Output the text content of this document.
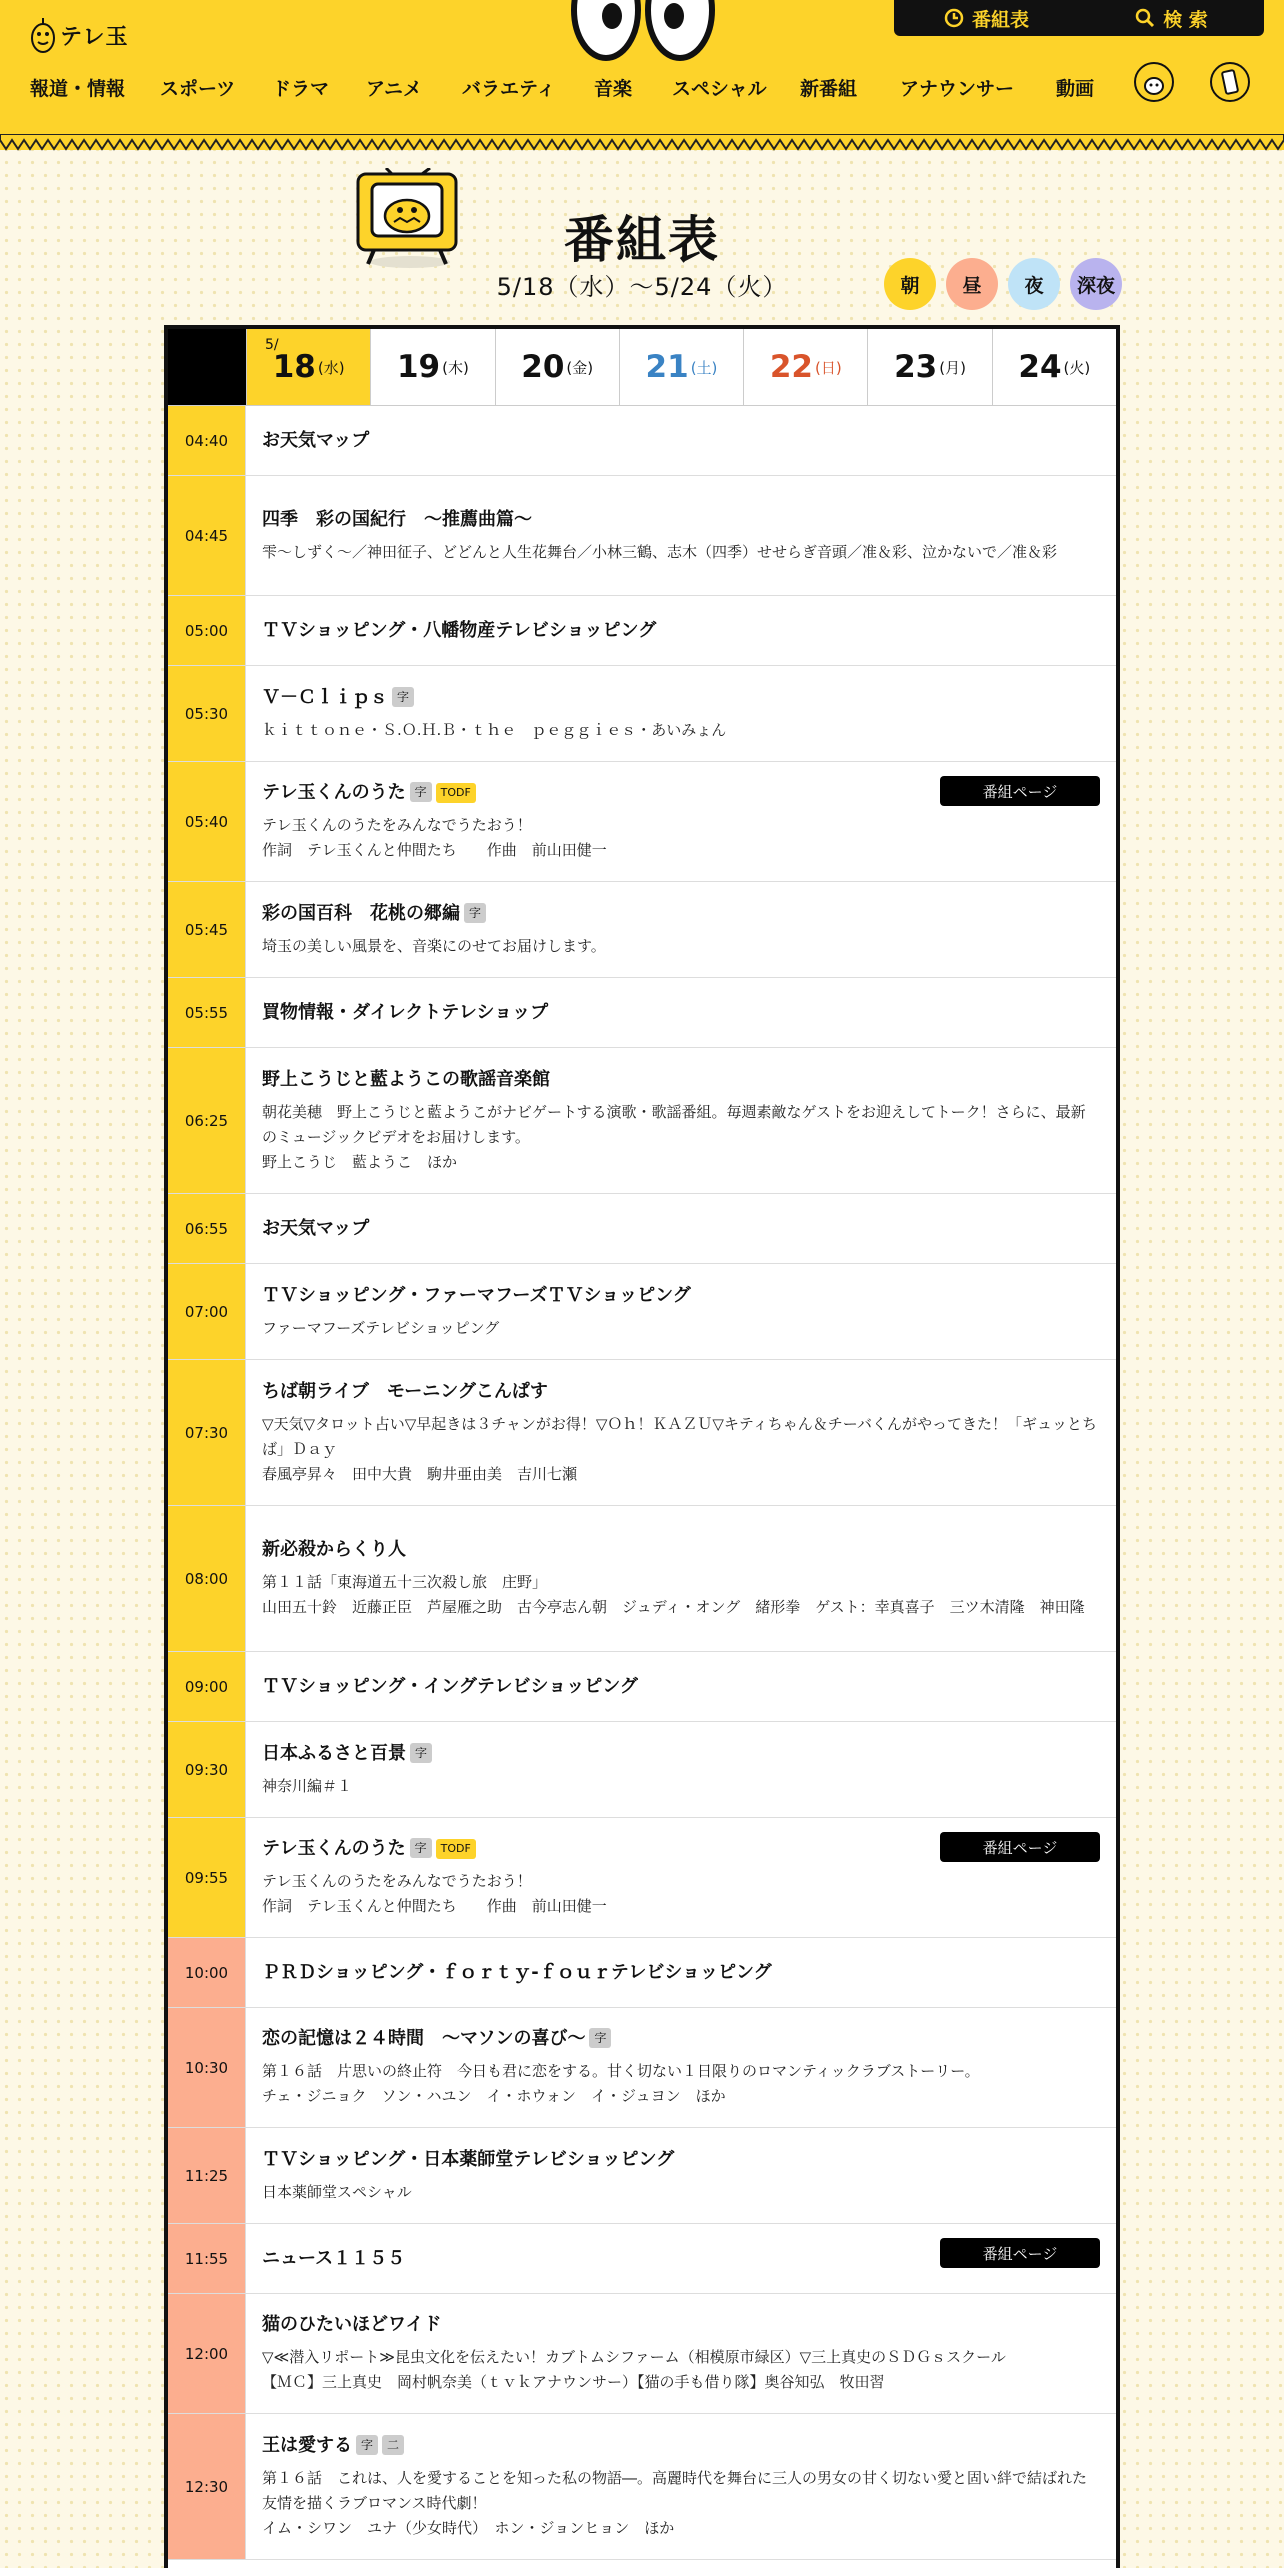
テレ玉
番組表	検 索
報道・情報 スポーツ ドラマ アニメ バラエティ 音楽 スペシャル 新番組 アナウンサー 動画
番組表
5/18（水）〜5/24（火）	朝 昼 夜 深夜
5/
18 (水) 19 (木) 20 (金) 21 (土) 22 (日) 23 (月) 24 (火)
04:40	お天気マップ
04:45
四季　彩の国紀行　～推薦曲篇～
雫～しずく～／神田征子、どどんと人生花舞台／小林三鶴、志木（四季）せせらぎ音頭／准＆彩、泣かないで／准＆彩
05:00	ＴＶショッピング・八幡物産テレビショッピング
05:30
Ｖ－Ｃｌｉｐｓ 字
ｋｉｔｔｏｎｅ・Ｓ.Ｏ.Ｈ.Ｂ・ｔｈｅ　ｐｅｇｇｉｅｓ・あいみょん
05:40
テレ玉くんのうた 字 TODF
テレ玉くんのうたをみんなでうたおう！
作詞　テレ玉くんと仲間たち　　作曲　前山田健一
番組ページ
05:45
彩の国百科　花桃の郷編 字
埼玉の美しい風景を、音楽にのせてお届けします。
05:55	買物情報・ダイレクトテレショップ
06:25
野上こうじと藍ようこの歌謡音楽館
朝花美穂　野上こうじと藍ようこがナビゲートする演歌・歌謡番組。毎週素敵なゲストをお迎えしてトーク！さらに、最新のミュージックビデオをお届けします。
野上こうじ　藍ようこ　ほか
06:55	お天気マップ
07:00
ＴＶショッピング・ファーマフーズＴＶショッピング
ファーマフーズテレビショッピング
07:30
ちば朝ライブ　モーニングこんぱす
▽天気▽タロット占い▽早起きは３チャンがお得！▽Ｏｈ！ＫＡＺＵ▽キティちゃん＆チーバくんがやってきた！「ギュッとちば」Ｄａｙ
春風亭昇々　田中大貴　駒井亜由美　吉川七瀬
08:00
新必殺からくり人
第１１話「東海道五十三次殺し旅　庄野」
山田五十鈴　近藤正臣　芦屋雁之助　古今亭志ん朝　ジュディ・オング　緒形拳　ゲスト：幸真喜子　三ツ木清隆　神田隆
09:00	ＴＶショッピング・イングテレビショッピング
09:30
日本ふるさと百景 字
神奈川編＃１
09:55
テレ玉くんのうた 字 TODF
テレ玉くんのうたをみんなでうたおう！
作詞　テレ玉くんと仲間たち　　作曲　前山田健一
番組ページ
10:00	ＰＲＤショッピング・ｆｏｒｔｙ-ｆｏｕｒテレビショッピング
10:30
恋の記憶は２４時間　～マソンの喜び～ 字
第１６話　片思いの終止符　今日も君に恋をする。甘く切ない１日限りのロマンティックラブストーリー。
チェ・ジニョク　ソン・ハユン　イ・ホウォン　イ・ジュヨン　ほか
11:25
ＴＶショッピング・日本薬師堂テレビショッピング
日本薬師堂スペシャル
11:55	ニュース１１５５	番組ページ
12:00
猫のひたいほどワイド
▽≪潜入リポート≫昆虫文化を伝えたい！カブトムシファーム（相模原市緑区）▽三上真史のＳＤＧｓスクール
【ＭＣ】三上真史　岡村帆奈美（ｔｖｋアナウンサー）【猫の手も借り隊】奥谷知弘　牧田習
12:30
王は愛する 字 二
第１６話　これは、人を愛することを知った私の物語―。高麗時代を舞台に三人の男女の甘く切ない愛と固い絆で結ばれた友情を描くラブロマンス時代劇！
イム・シワン　ユナ（少女時代）　ホン・ジョンヒョン　ほか
